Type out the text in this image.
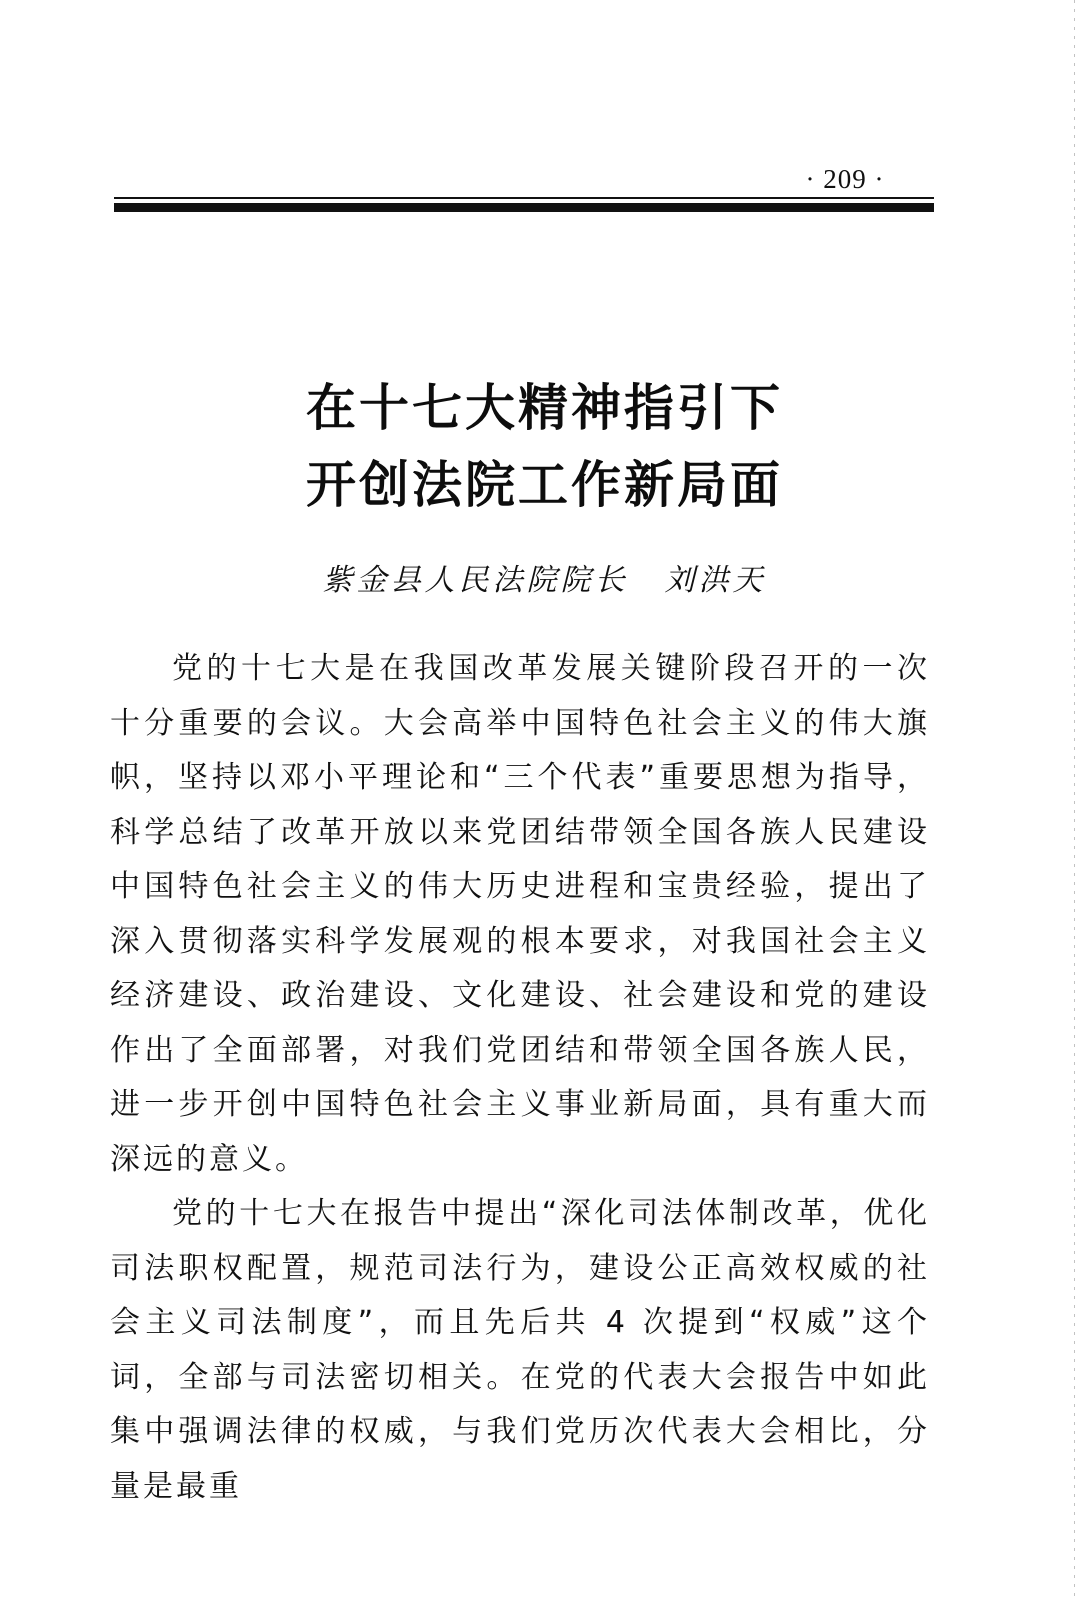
· 209 ·
在十七大精神指引下
开创法院工作新局面
紫金县人民法院院长 刘洪天

党的十七大是在我国改革发展关键阶段召开的一次十分重要的会议。大会高举中国特色社会主义的伟大旗帜，坚持以邓小平理论和“三个代表”重要思想为指导，科学总结了改革开放以来党团结带领全国各族人民建设中国特色社会主义的伟大历史进程和宝贵经验，提出了深入贯彻落实科学发展观的根本要求，对我国社会主义经济建设、政治建设、文化建设、社会建设和党的建设作出了全面部署，对我们党团结和带领全国各族人民，进一步开创中国特色社会主义事业新局面，具有重大而深远的意义。

党的十七大在报告中提出“深化司法体制改革，优化司法职权配置，规范司法行为，建设公正高效权威的社会主义司法制度”，而且先后共 4 次提到“权威”这个词，全部与司法密切相关。在党的代表大会报告中如此集中强调法律的权威，与我们党历次代表大会相比，分量是最重
